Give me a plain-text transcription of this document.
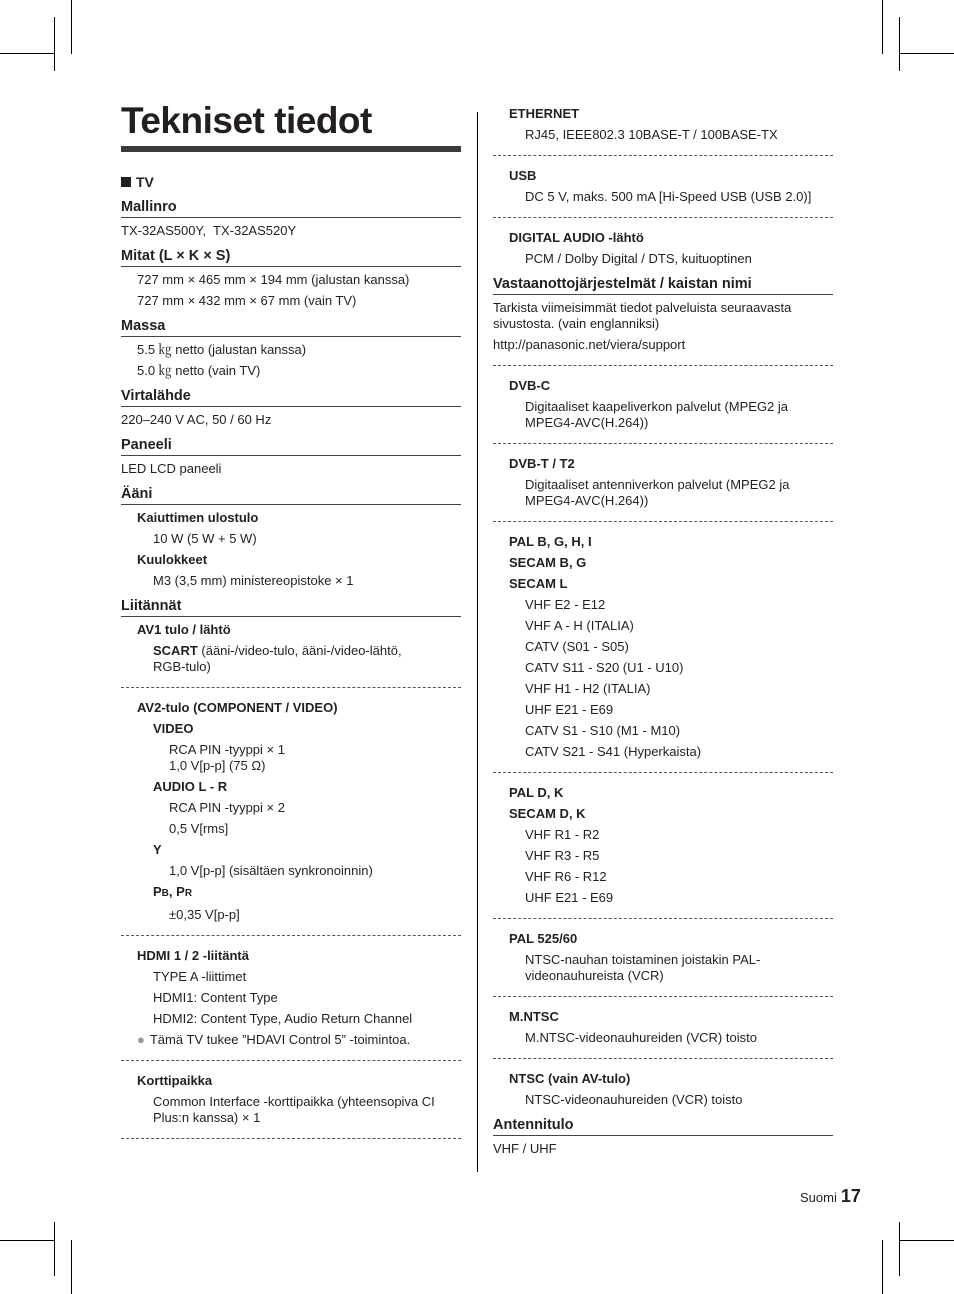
Tekniset tiedot
TV
Mallinro
TX-32AS500Y,  TX-32AS520Y
Mitat (L × K × S)
727 mm × 465 mm × 194 mm (jalustan kanssa)
727 mm × 432 mm × 67 mm (vain TV)
Massa
5.5 ㎏ netto (jalustan kanssa)
5.0 ㎏ netto (vain TV)
Virtalähde
220–240 V AC, 50 / 60 Hz
Paneeli
LED LCD paneeli
Ääni
Kaiuttimen ulostulo
10 W (5 W + 5 W)
Kuulokkeet
M3 (3,5 mm) ministereopistoke × 1
Liitännät
AV1 tulo / lähtö
SCART (ääni-/video-tulo, ääni-/video-lähtö,
RGB-tulo)
AV2-tulo (COMPONENT / VIDEO)
VIDEO
RCA PIN -tyyppi × 1
1,0 V[p-p] (75 Ω)
AUDIO L - R
RCA PIN -tyyppi × 2
0,5 V[rms]
Y
1,0 V[p-p] (sisältäen synkronoinnin)
PB, PR
±0,35 V[p-p]
HDMI 1 / 2 -liitäntä
TYPE A -liittimet
HDMI1: Content Type
HDMI2: Content Type, Audio Return Channel
● Tämä TV tukee ”HDAVI Control 5” -toimintoa.
Korttipaikka
Common Interface -korttipaikka (yhteensopiva CI
Plus:n kanssa) × 1
ETHERNET
RJ45, IEEE802.3 10BASE-T / 100BASE-TX
USB
DC 5 V, maks. 500 mA [Hi-Speed USB (USB 2.0)]
DIGITAL AUDIO -lähtö
PCM / Dolby Digital / DTS, kuituoptinen
Vastaanottojärjestelmät / kaistan nimi
Tarkista viimeisimmät tiedot palveluista seuraavasta
sivustosta. (vain englanniksi)
http://panasonic.net/viera/support
DVB-C
Digitaaliset kaapeliverkon palvelut (MPEG2 ja
MPEG4-AVC(H.264))
DVB-T / T2
Digitaaliset antenniverkon palvelut (MPEG2 ja
MPEG4-AVC(H.264))
PAL B, G, H, I
SECAM B, G
SECAM L
VHF E2 - E12
VHF A - H (ITALIA)
CATV (S01 - S05)
CATV S11 - S20 (U1 - U10)
VHF H1 - H2 (ITALIA)
UHF E21 - E69
CATV S1 - S10 (M1 - M10)
CATV S21 - S41 (Hyperkaista)
PAL D, K
SECAM D, K
VHF R1 - R2
VHF R3 - R5
VHF R6 - R12
UHF E21 - E69
PAL 525/60
NTSC-nauhan toistaminen joistakin PAL-
videonauhureista (VCR)
M.NTSC
M.NTSC-videonauhureiden (VCR) toisto
NTSC (vain AV-tulo)
NTSC-videonauhureiden (VCR) toisto
Antennitulo
VHF / UHF
Suomi 17
